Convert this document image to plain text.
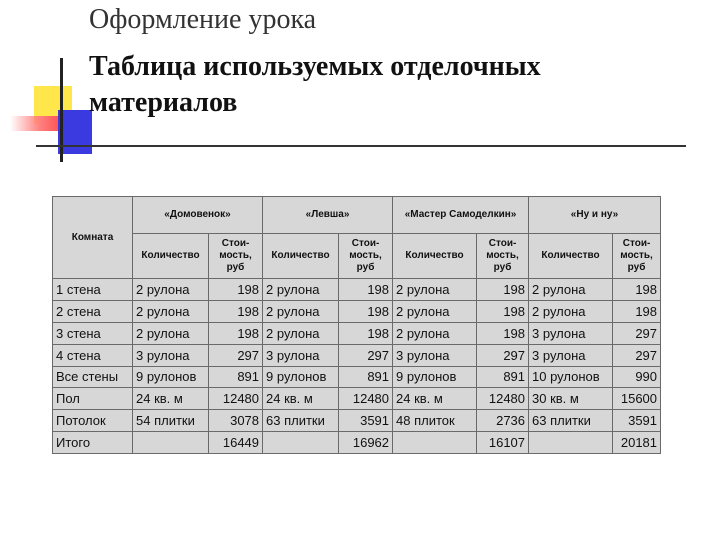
Оформление урока
Таблица используемых отделочных
материалов
Комната	«Домовенок»		«Левша»		«Мастер Самоделкин»		«Ну и ну»	
	Количество	Стои- мость, руб	Количество	Стои- мость, руб	Количество	Стои- мость, руб	Количество	Стои- мость, руб
1 стена	2 рулона	198	2 рулона	198	2 рулона	198	2 рулона	198
2 стена	2 рулона	198	2 рулона	198	2 рулона	198	2 рулона	198
3 стена	2 рулона	198	2 рулона	198	2 рулона	198	3 рулона	297
4 стена	3 рулона	297	3 рулона	297	3 рулона	297	3 рулона	297
Все стены	9 рулонов	891	9 рулонов	891	9 рулонов	891	10 рулонов	990
Пол	24 кв. м	12480	24 кв. м	12480	24 кв. м	12480	30 кв. м	15600
Потолок	54 плитки	3078	63 плитки	3591	48 плиток	2736	63 плитки	3591
Итого		16449		16962		16107		20181
